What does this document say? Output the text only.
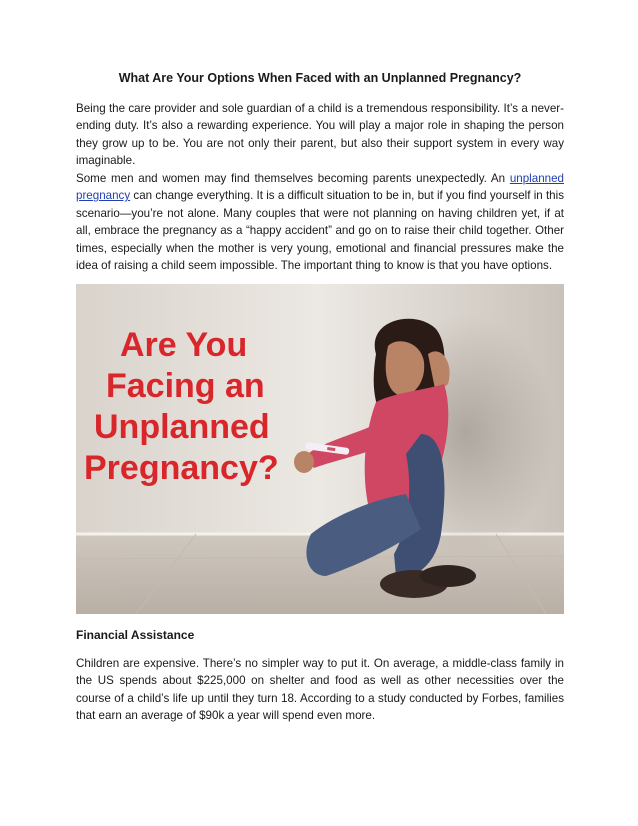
What Are Your Options When Faced with an Unplanned Pregnancy?

Being the care provider and sole guardian of a child is a tremendous responsibility. It’s a never-ending duty. It’s also a rewarding experience. You will play a major role in shaping the person they grow up to be. You are not only their parent, but also their support system in every way imaginable.

Some men and women may find themselves becoming parents unexpectedly. An unplanned pregnancy can change everything. It is a difficult situation to be in, but if you find yourself in this scenario—you’re not alone. Many couples that were not planning on having children yet, if at all, embrace the pregnancy as a “happy accident” and go on to raise their child together. Other times, especially when the mother is very young, emotional and financial pressures make the idea of raising a child seem impossible. The important thing to know is that you have options.

Are You
Facing an
Unplanned
Pregnancy?
Financial Assistance

Children are expensive. There’s no simpler way to put it. On average, a middle-class family in the US spends about $225,000 on shelter and food as well as other necessities over the course of a child’s life up until they turn 18. According to a study conducted by Forbes, families that earn an average of $90k a year will spend even more.
